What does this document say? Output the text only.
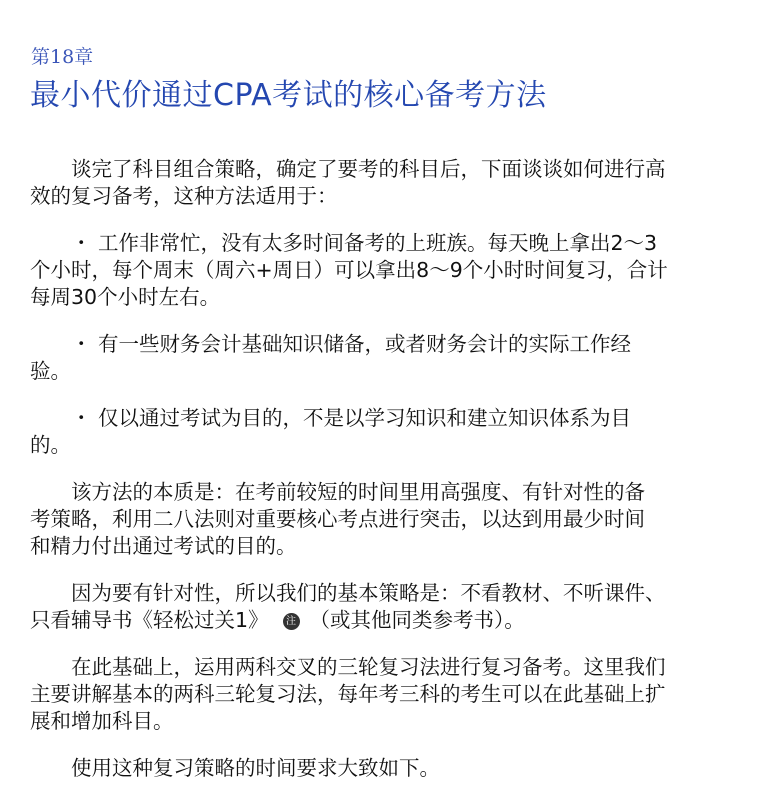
第18章
最小代价通过CPA考试的核心备考方法

　　谈完了科目组合策略，确定了要考的科目后，下面谈谈如何进行高
效的复习备考，这种方法适用于：

　　・ 工作非常忙，没有太多时间备考的上班族。每天晚上拿出2～3
个小时，每个周末（周六+周日）可以拿出8～9个小时时间复习，合计
每周30个小时左右。

　　・ 有一些财务会计基础知识储备，或者财务会计的实际工作经
验。

　　・ 仅以通过考试为目的，不是以学习知识和建立知识体系为目
的。

　　该方法的本质是：在考前较短的时间里用高强度、有针对性的备
考策略，利用二八法则对重要核心考点进行突击，以达到用最少时间
和精力付出通过考试的目的。

　　因为要有针对性，所以我们的基本策略是：不看教材、不听课件、
只看辅导书《轻松过关1》 注 （或其他同类参考书）。

　　在此基础上，运用两科交叉的三轮复习法进行复习备考。这里我们
主要讲解基本的两科三轮复习法，每年考三科的考生可以在此基础上扩
展和增加科目。

　　使用这种复习策略的时间要求大致如下。
